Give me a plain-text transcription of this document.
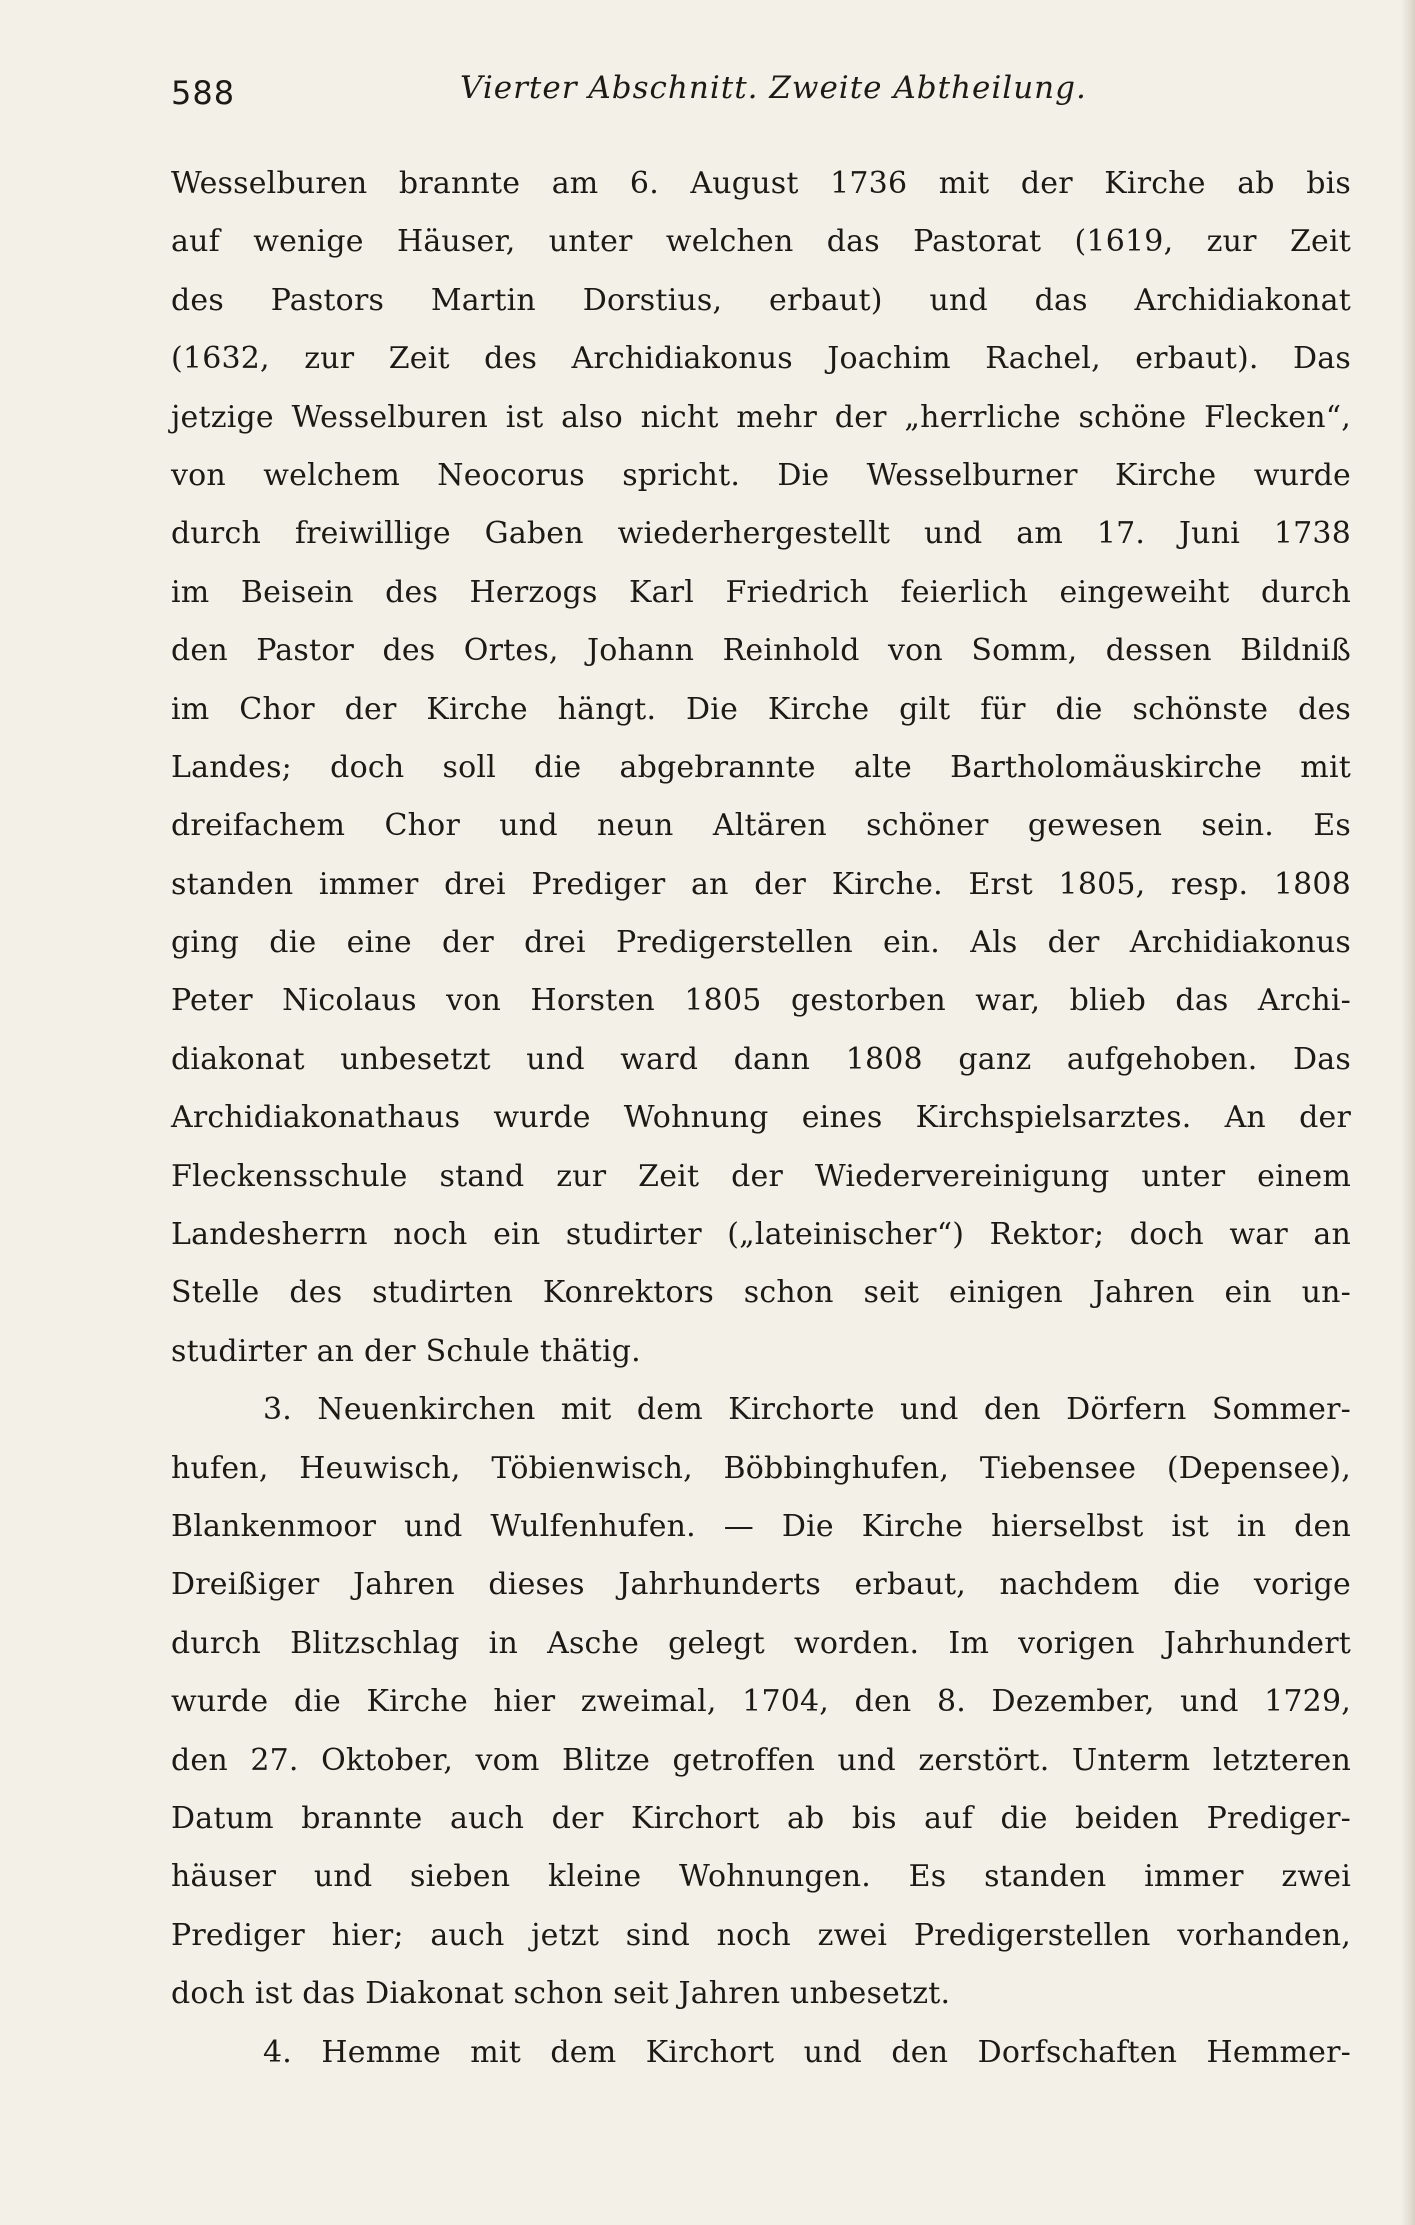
588	Vierter Abschnitt. Zweite Abtheilung.
Wesselburen brannte am 6. August 1736 mit der Kirche ab bis
auf wenige Häuser, unter welchen das Pastorat (1619, zur Zeit
des Pastors Martin Dorstius, erbaut) und das Archidiakonat
(1632, zur Zeit des Archidiakonus Joachim Rachel, erbaut). Das
jetzige Wesselburen ist also nicht mehr der „herrliche schöne Flecken“,
von welchem Neocorus spricht. Die Wesselburner Kirche wurde
durch freiwillige Gaben wiederhergestellt und am 17. Juni 1738
im Beisein des Herzogs Karl Friedrich feierlich eingeweiht durch
den Pastor des Ortes, Johann Reinhold von Somm, dessen Bildniß
im Chor der Kirche hängt. Die Kirche gilt für die schönste des
Landes; doch soll die abgebrannte alte Bartholomäuskirche mit
dreifachem Chor und neun Altären schöner gewesen sein. Es
standen immer drei Prediger an der Kirche. Erst 1805, resp. 1808
ging die eine der drei Predigerstellen ein. Als der Archidiakonus
Peter Nicolaus von Horsten 1805 gestorben war, blieb das Archi-
diakonat unbesetzt und ward dann 1808 ganz aufgehoben. Das
Archidiakonathaus wurde Wohnung eines Kirchspielsarztes. An der
Fleckensschule stand zur Zeit der Wiedervereinigung unter einem
Landesherrn noch ein studirter („lateinischer“) Rektor; doch war an
Stelle des studirten Konrektors schon seit einigen Jahren ein un-
studirter an der Schule thätig.
3. Neuenkirchen mit dem Kirchorte und den Dörfern Sommer-
hufen, Heuwisch, Töbienwisch, Böbbinghufen, Tiebensee (Depensee),
Blankenmoor und Wulfenhufen. — Die Kirche hierselbst ist in den
Dreißiger Jahren dieses Jahrhunderts erbaut, nachdem die vorige
durch Blitzschlag in Asche gelegt worden. Im vorigen Jahrhundert
wurde die Kirche hier zweimal, 1704, den 8. Dezember, und 1729,
den 27. Oktober, vom Blitze getroffen und zerstört. Unterm letzteren
Datum brannte auch der Kirchort ab bis auf die beiden Prediger-
häuser und sieben kleine Wohnungen. Es standen immer zwei
Prediger hier; auch jetzt sind noch zwei Predigerstellen vorhanden,
doch ist das Diakonat schon seit Jahren unbesetzt.
4. Hemme mit dem Kirchort und den Dorfschaften Hemmer-
